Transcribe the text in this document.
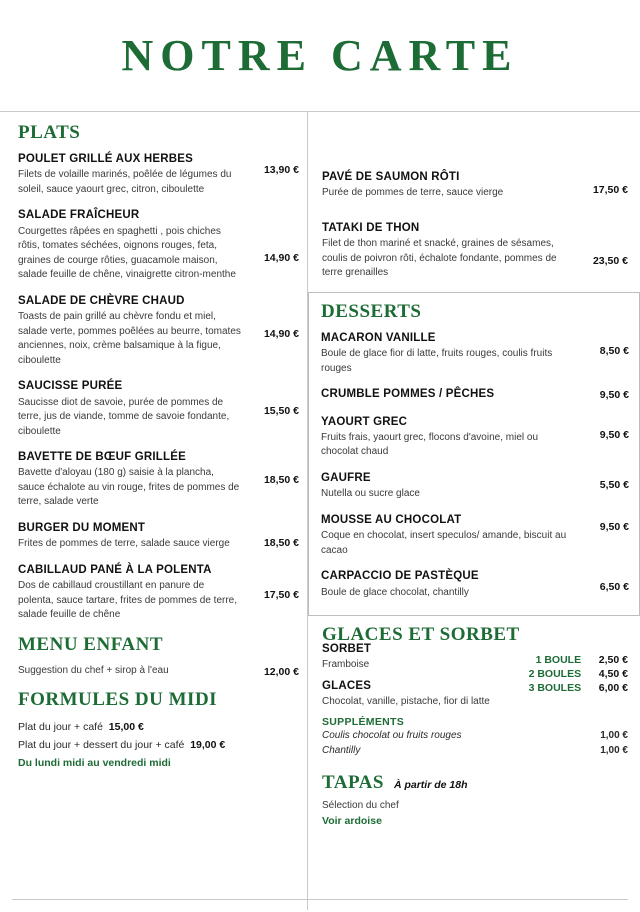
NOTRE CARTE
PLATS
POULET GRILLÉ AUX HERBES
Filets de volaille marinés, poêlée de légumes du soleil, sauce yaourt grec, citron, ciboulette
13,90 €
SALADE FRAÎCHEUR
Courgettes râpées en spaghetti , pois chiches rôtis, tomates séchées, oignons rouges, feta, graines de courge rôties, guacamole maison, salade feuille de chêne, vinaigrette citron-menthe
14,90 €
SALADE DE CHÈVRE CHAUD
Toasts de pain grillé au chèvre fondu et miel, salade verte, pommes poêlées au beurre, tomates anciennes, noix, crème balsamique à la figue, ciboulette
14,90 €
SAUCISSE PURÉE
Saucisse diot de savoie, purée de pommes de terre, jus de viande, tomme de savoie fondante, ciboulette
15,50 €
BAVETTE DE BŒUF GRILLÉE
Bavette d'aloyau (180 g) saisie à la plancha, sauce échalote au vin rouge, frites de pommes de terre, salade verte
18,50 €
BURGER DU MOMENT
Frites de pommes de terre, salade sauce vierge	18,50 €
CABILLAUD PANÉ À LA POLENTA
Dos de cabillaud croustillant en panure de polenta, sauce tartare, frites de pommes de terre, salade feuille de chêne
17,50 €
MENU ENFANT
Suggestion du chef + sirop à l'eau	12,00 €
FORMULES DU MIDI
Plat du jour + café 15,00 €
Plat du jour + dessert du jour + café 19,00 €
Du lundi midi au vendredi midi
PAVÉ DE SAUMON RÔTI
Purée de pommes de terre, sauce vierge	17,50 €
TATAKI DE THON
Filet de thon mariné et snacké, graines de sésames, coulis de poivron rôti, échalote fondante, pommes de terre grenailles
23,50 €
DESSERTS
MACARON VANILLE
Boule de glace fior di latte, fruits rouges, coulis fruits rouges
8,50 €
CRUMBLE POMMES / PÊCHES	9,50 €
YAOURT GREC
Fruits frais, yaourt grec, flocons d'avoine, miel ou chocolat chaud
9,50 €
GAUFRE
Nutella ou sucre glace
5,50 €
MOUSSE AU CHOCOLAT
Coque en chocolat, insert speculos/ amande, biscuit au cacao
9,50 €
CARPACCIO DE PASTÈQUE
Boule de glace chocolat, chantilly	6,50 €
GLACES ET SORBET
1 BOULE 2,50 €
2 BOULES 4,50 €
3 BOULES 6,00 €
SORBET
Framboise
GLACES
Chocolat, vanille, pistache, fior di latte
SUPPLÉMENTS
Coulis chocolat ou fruits rouges	1,00 €
Chantilly	1,00 €
TAPAS À partir de 18h
Sélection du chef
Voir ardoise
